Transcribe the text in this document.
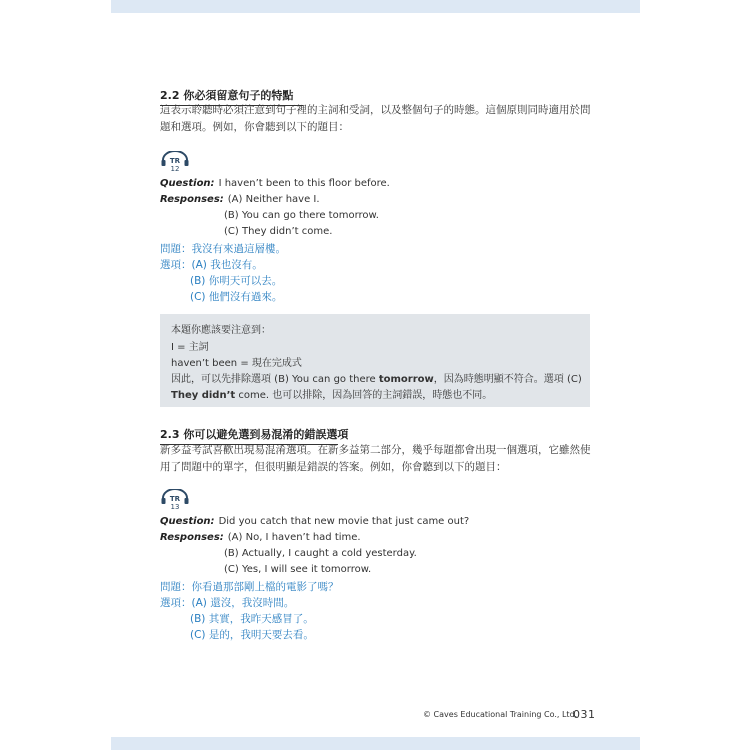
2.2 你必須留意句子的特點
這表示聆聽時必須注意到句子裡的主詞和受詞，以及整個句子的時態。這個原則同時適用於問
題和選項。例如，你會聽到以下的題目：
TR
12
Question: I haven’t been to this floor before.
Responses: (A) Neither have I.
(B) You can go there tomorrow.
(C) They didn’t come.
問題：我沒有來過這層樓。
選項：(A) 我也沒有。
(B) 你明天可以去。
(C) 他們沒有過來。
本題你應該要注意到：
I = 主詞
haven’t been = 現在完成式
因此，可以先排除選項 (B) You can go there tomorrow，因為時態明顯不符合。選項 (C)
They didn’t come. 也可以排除，因為回答的主詞錯誤，時態也不同。
2.3 你可以避免選到易混淆的錯誤選項
新多益考試喜歡出現易混淆選項。在新多益第二部分，幾乎每題都會出現一個選項，它雖然使
用了問題中的單字，但很明顯是錯誤的答案。例如，你會聽到以下的題目：
TR
13
Question: Did you catch that new movie that just came out?
Responses: (A) No, I haven’t had time.
(B) Actually, I caught a cold yesterday.
(C) Yes, I will see it tomorrow.
問題：你看過那部剛上檔的電影了嗎？
選項：(A) 還沒，我沒時間。
(B) 其實，我昨天感冒了。
(C) 是的，我明天要去看。
© Caves Educational Training Co., Ltd.
031
